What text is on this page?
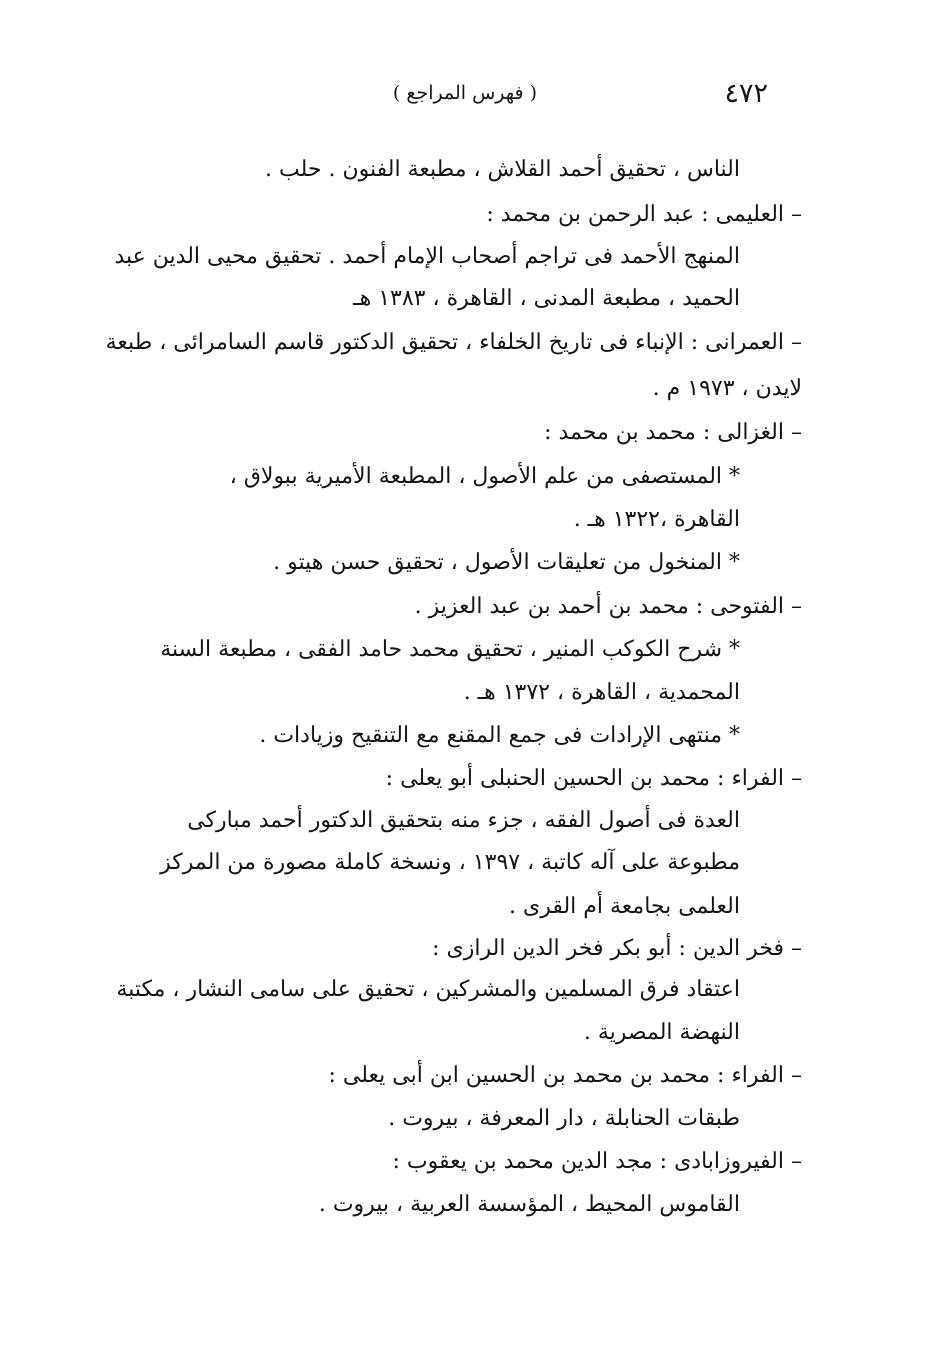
٤٧٢
( فهرس المراجع )
الناس ، تحقيق أحمد القلاش ، مطبعة الفنون . حلب .
– العليمى : عبد الرحمن بن محمد :
المنهج الأحمد فى تراجم أصحاب الإمام أحمد . تحقيق محيى الدين عبد
الحميد ، مطبعة المدنى ، القاهرة ، ١٣٨٣ هـ
– العمرانى : الإنباء فى تاريخ الخلفاء ، تحقيق الدكتور قاسم السامرائى ، طبعة
لايدن ، ١٩٧٣ م .
– الغزالى : محمد بن محمد :
* المستصفى من علم الأصول ، المطبعة الأميرية ببولاق ،
القاهرة ،١٣٢٢ هـ .
* المنخول من تعليقات الأصول ، تحقيق حسن هيتو .
– الفتوحى : محمد بن أحمد بن عبد العزيز .
* شرح الكوكب المنير ، تحقيق محمد حامد الفقى ، مطبعة السنة
المحمدية ، القاهرة ، ١٣٧٢ هـ .
* منتهى الإرادات فى جمع المقنع مع التنقيح وزيادات .
– الفراء : محمد بن الحسين الحنبلى أبو يعلى :
العدة فى أصول الفقه ، جزء منه بتحقيق الدكتور أحمد مباركى
مطبوعة على آله كاتبة ، ١٣٩٧ ، ونسخة كاملة مصورة من المركز
العلمى بجامعة أم القرى .
– فخر الدين : أبو بكر فخر الدين الرازى :
اعتقاد فرق المسلمين والمشركين ، تحقيق على سامى النشار ، مكتبة
النهضة المصرية .
– الفراء : محمد بن محمد بن الحسين ابن أبى يعلى :
طبقات الحنابلة ، دار المعرفة ، بيروت .
– الفيروزابادى : مجد الدين محمد بن يعقوب :
القاموس المحيط ، المؤسسة العربية ، بيروت .
